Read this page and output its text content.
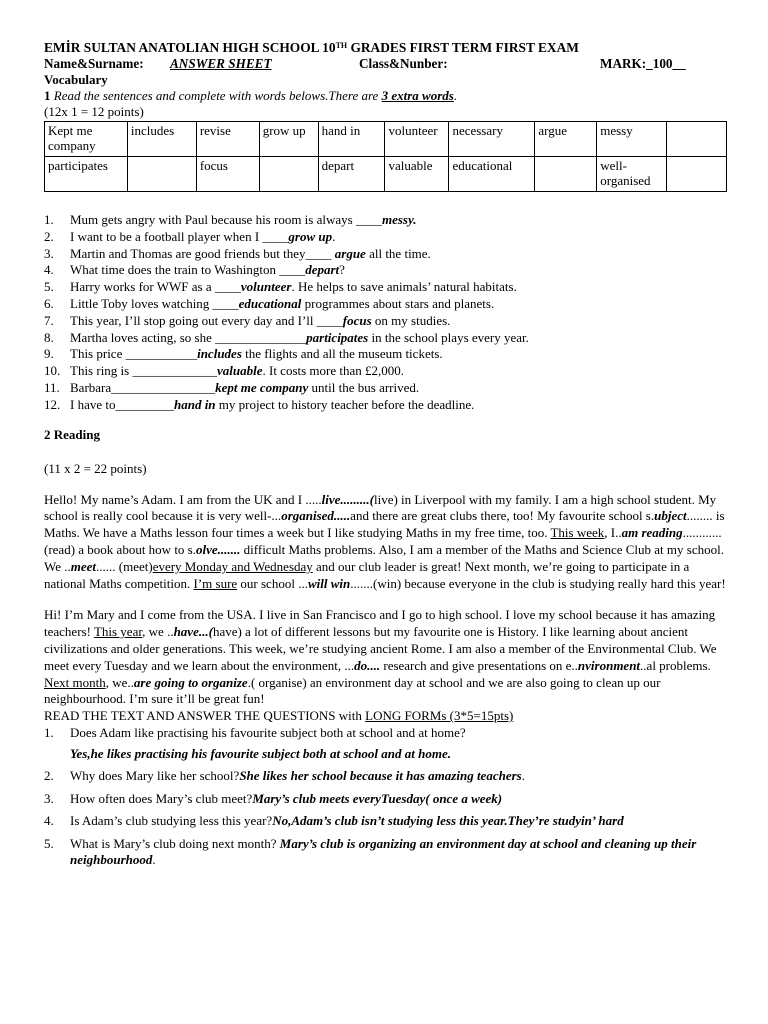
EMİR SULTAN ANATOLIAN HIGH SCHOOL 10TH GRADES FIRST TERM FIRST EXAM
Name&Surname: ANSWER SHEET	Class&Nunber:	MARK:_100__
Vocabulary
1 Read the sentences and complete with words belows.There are 3 extra words.
(12x 1 = 12 points)
Kept me company	includes	revise	grow up	hand in	volunteer	necessary	argue	messy	
participates		focus		depart	valuable	educational		well-organised	
1. Mum gets angry with Paul because his room is always ____messy.
2. I want to be a football player when I ____grow up.
3. Martin and Thomas are good friends but they____ argue all the time.
4. What time does the train to Washington ____depart?
5. Harry works for WWF as a ____volunteer. He helps to save animals’ natural habitats.
6. Little Toby loves watching ____educational programmes about stars and planets.
7. This year, I’ll stop going out every day and I’ll ____focus on my studies.
8. Martha loves acting, so she ______________participates in the school plays every year.
9. This price ___________includes the flights and all the museum tickets.
10. This ring is _____________valuable. It costs more than £2,000.
11. Barbara________________kept me company until the bus arrived.
12. I have to_________hand in my project to history teacher before the deadline.
2 Reading
(11 x 2 = 22 points)
Hello! My name’s Adam. I am from the UK and I .....live.........(live) in Liverpool with my family. I am a high school student. My school is really cool because it is very well-...organised.....and there are great clubs there, too! My favourite school s.ubject........ is Maths. We have a Maths lesson four times a week but I like studying Maths in my free time, too. This week, I..am reading............(read) a book about how to s.olve....... difficult Maths problems. Also, I am a member of the Maths and Science Club at my school. We ..meet...... (meet)every Monday and Wednesday and our club leader is great! Next month, we’re going to participate in a national Maths competition. I’m sure our school ...will win.......(win) because everyone in the club is studying really hard this year!
Hi! I’m Mary and I come from the USA. I live in San Francisco and I go to high school. I love my school because it has amazing teachers! This year, we ..have...(have) a lot of different lessons but my favourite one is History. I like learning about ancient civilizations and older generations. This week, we’re studying ancient Rome. I am also a member of the Environmental Club. We meet every Tuesday and we learn about the environment, ...do.... research and give presentations on e..nvironment..al problems. Next month, we..are going to organize.( organise) an environment day at school and we are also going to clean up our neighbourhood. I’m sure it’ll be great fun!
READ THE TEXT AND ANSWER THE QUESTIONS with LONG FORMs (3*5=15pts)
1. Does Adam like practising his favourite subject both at school and at home?
Yes,he likes practising his favourite subject both at school and at home.
2. Why does Mary like her school?She likes her school because it has amazing teachers.
3. How often does Mary’s club meet?Mary’s club meets everyTuesday( once a week)
4. Is Adam’s club studying less this year?No,Adam’s club isn’t studying less this year.They’re studyin’ hard
5. What is Mary’s club doing next month? Mary’s club is organizing an environment day at school and cleaning up their neighbourhood.
